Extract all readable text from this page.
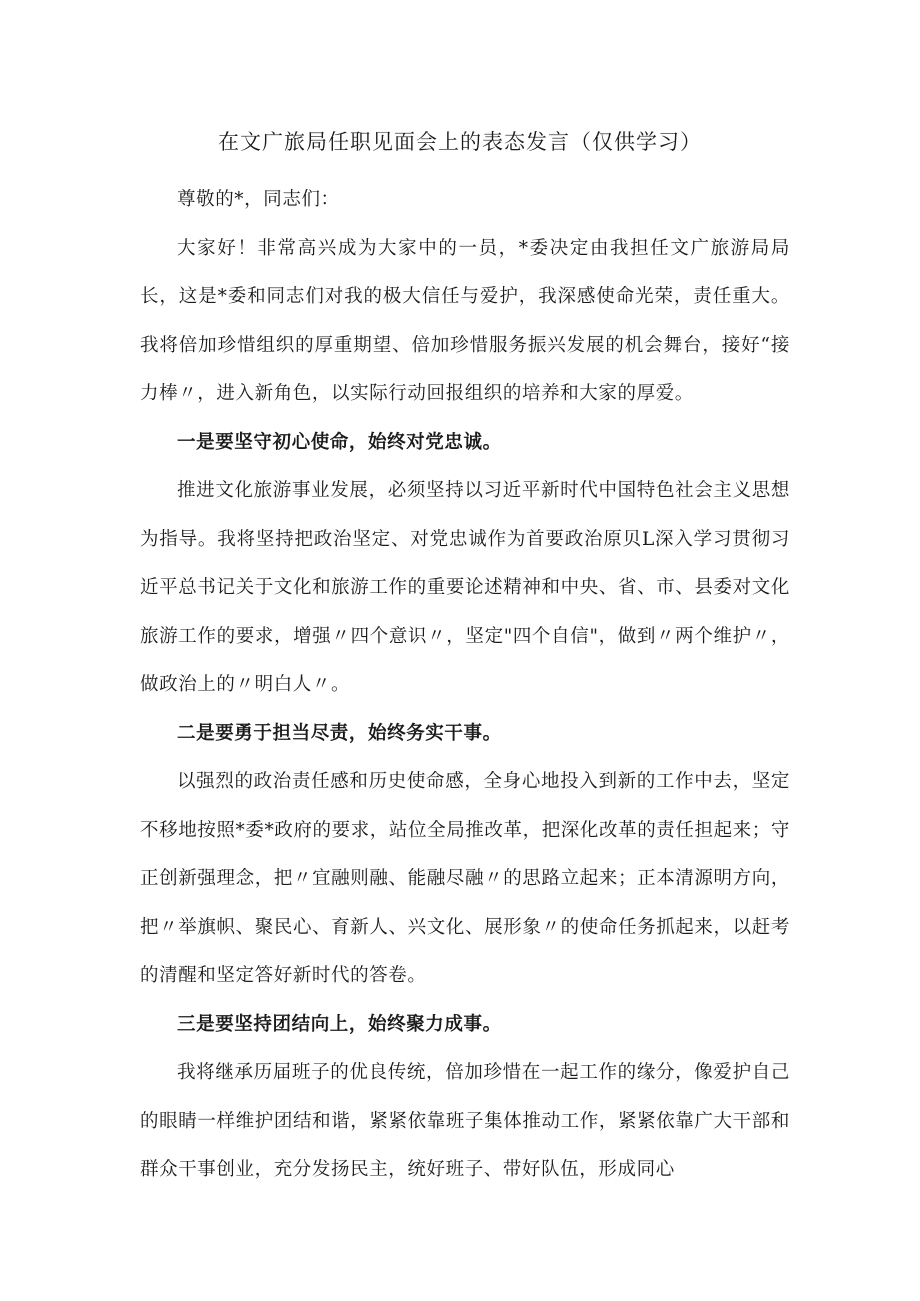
在文广旅局任职见面会上的表态发言（仅供学习）

尊敬的*，同志们：

大家好！非常高兴成为大家中的一员，*委决定由我担任文广旅游局局长，这是*委和同志们对我的极大信任与爱护，我深感使命光荣，责任重大。我将倍加珍惜组织的厚重期望、倍加珍惜服务振兴发展的机会舞台，接好“接力棒〃，进入新角色，以实际行动回报组织的培养和大家的厚爱。

一是要坚守初心使命，始终对党忠诚。

推进文化旅游事业发展，必须坚持以习近平新时代中国特色社会主义思想为指导。我将坚持把政治坚定、对党忠诚作为首要政治原贝L深入学习贯彻习近平总书记关于文化和旅游工作的重要论述精神和中央、省、市、县委对文化旅游工作的要求，增强〃四个意识〃，坚定"四个自信"，做到〃两个维护〃，做政治上的〃明白人〃。

二是要勇于担当尽责，始终务实干事。

以强烈的政治责任感和历史使命感，全身心地投入到新的工作中去，坚定不移地按照*委*政府的要求，站位全局推改革，把深化改革的责任担起来；守正创新强理念，把〃宜融则融、能融尽融〃的思路立起来；正本清源明方向，把〃举旗帜、聚民心、育新人、兴文化、展形象〃的使命任务抓起来，以赶考的清醒和坚定答好新时代的答卷。

三是要坚持团结向上，始终聚力成事。

我将继承历届班子的优良传统，倍加珍惜在一起工作的缘分，像爱护自己的眼睛一样维护团结和谐，紧紧依靠班子集体推动工作，紧紧依靠广大干部和群众干事创业，充分发扬民主，统好班子、带好队伍，形成同心
